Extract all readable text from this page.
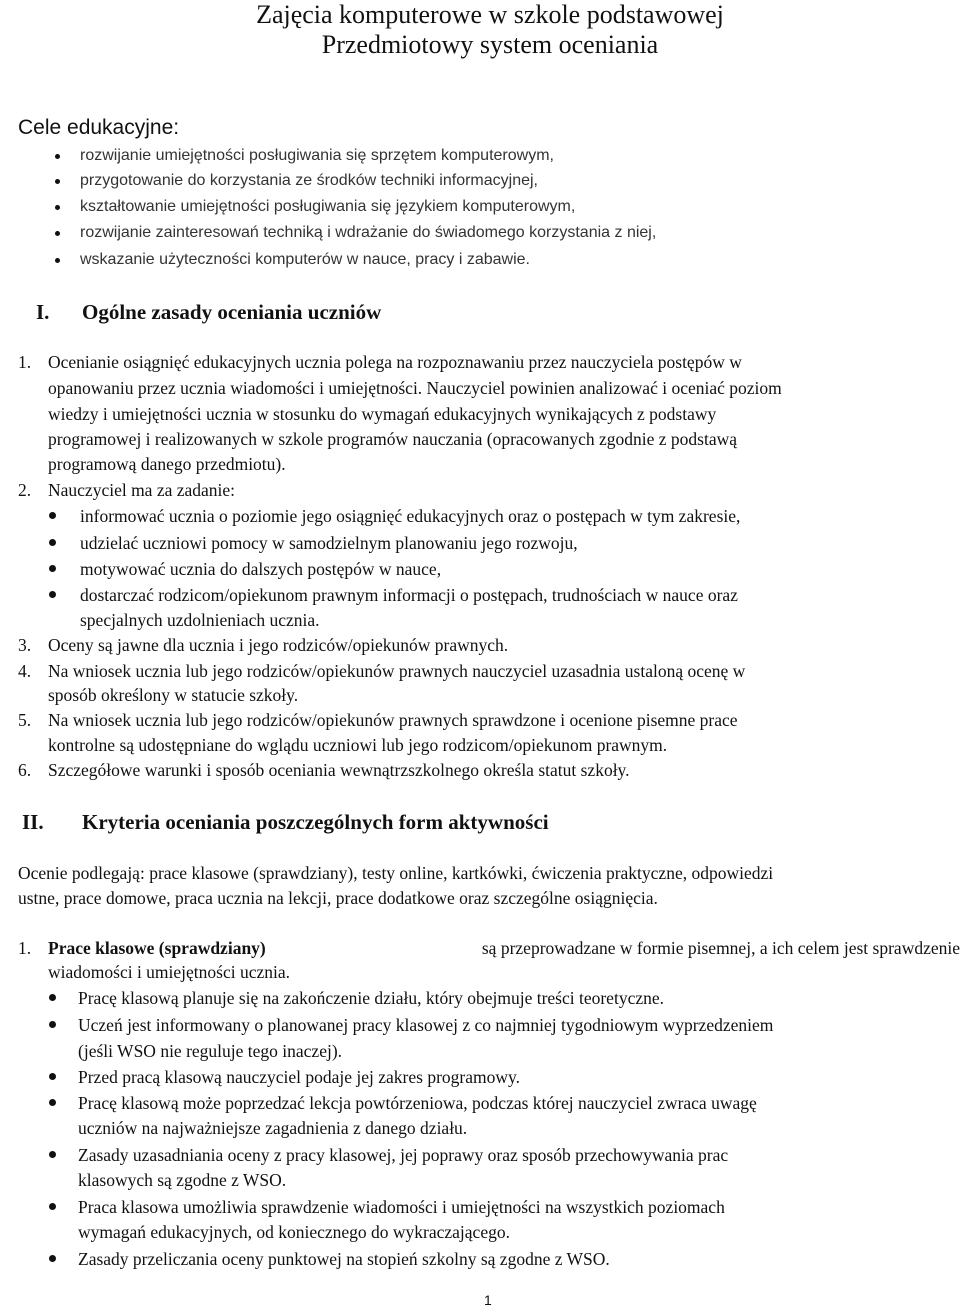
Zajęcia komputerowe w szkole podstawowej
Przedmiotowy system oceniania
Cele edukacyjne:
rozwijanie umiejętności posługiwania się sprzętem komputerowym,
przygotowanie do korzystania ze środków techniki informacyjnej,
kształtowanie umiejętności posługiwania się językiem komputerowym,
rozwijanie zainteresowań techniką i wdrażanie do świadomego korzystania z niej,
wskazanie użyteczności komputerów w nauce, pracy i zabawie.
I. Ogólne zasady oceniania uczniów
1. Ocenianie osiągnięć edukacyjnych ucznia polega na rozpoznawaniu przez nauczyciela postępów w
opanowaniu przez ucznia wiadomości i umiejętności. Nauczyciel powinien analizować i oceniać poziom
wiedzy i umiejętności ucznia w stosunku do wymagań edukacyjnych wynikających z podstawy
programowej i realizowanych w szkole programów nauczania (opracowanych zgodnie z podstawą
programową danego przedmiotu).
2. Nauczyciel ma za zadanie:
informować ucznia o poziomie jego osiągnięć edukacyjnych oraz o postępach w tym zakresie,
udzielać uczniowi pomocy w samodzielnym planowaniu jego rozwoju,
motywować ucznia do dalszych postępów w nauce,
dostarczać rodzicom/opiekunom prawnym informacji o postępach, trudnościach w nauce oraz
specjalnych uzdolnieniach ucznia.
3. Oceny są jawne dla ucznia i jego rodziców/opiekunów prawnych.
4. Na wniosek ucznia lub jego rodziców/opiekunów prawnych nauczyciel uzasadnia ustaloną ocenę w
sposób określony w statucie szkoły.
5. Na wniosek ucznia lub jego rodziców/opiekunów prawnych sprawdzone i ocenione pisemne prace
kontrolne są udostępniane do wglądu uczniowi lub jego rodzicom/opiekunom prawnym.
6. Szczegółowe warunki i sposób oceniania wewnątrzszkolnego określa statut szkoły.
II. Kryteria oceniania poszczególnych form aktywności
Ocenie podlegają: prace klasowe (sprawdziany), testy online, kartkówki, ćwiczenia praktyczne, odpowiedzi
ustne, prace domowe, praca ucznia na lekcji, prace dodatkowe oraz szczególne osiągnięcia.
1. Prace klasowe (sprawdziany)	są przeprowadzane w formie pisemnej, a ich celem jest sprawdzenie
wiadomości i umiejętności ucznia.
Pracę klasową planuje się na zakończenie działu, który obejmuje treści teoretyczne.
Uczeń jest informowany o planowanej pracy klasowej z co najmniej tygodniowym wyprzedzeniem
(jeśli WSO nie reguluje tego inaczej).
Przed pracą klasową nauczyciel podaje jej zakres programowy.
Pracę klasową może poprzedzać lekcja powtórzeniowa, podczas której nauczyciel zwraca uwagę
uczniów na najważniejsze zagadnienia z danego działu.
Zasady uzasadniania oceny z pracy klasowej, jej poprawy oraz sposób przechowywania prac
klasowych są zgodne z WSO.
Praca klasowa umożliwia sprawdzenie wiadomości i umiejętności na wszystkich poziomach
wymagań edukacyjnych, od koniecznego do wykraczającego.
Zasady przeliczania oceny punktowej na stopień szkolny są zgodne z WSO.
1
